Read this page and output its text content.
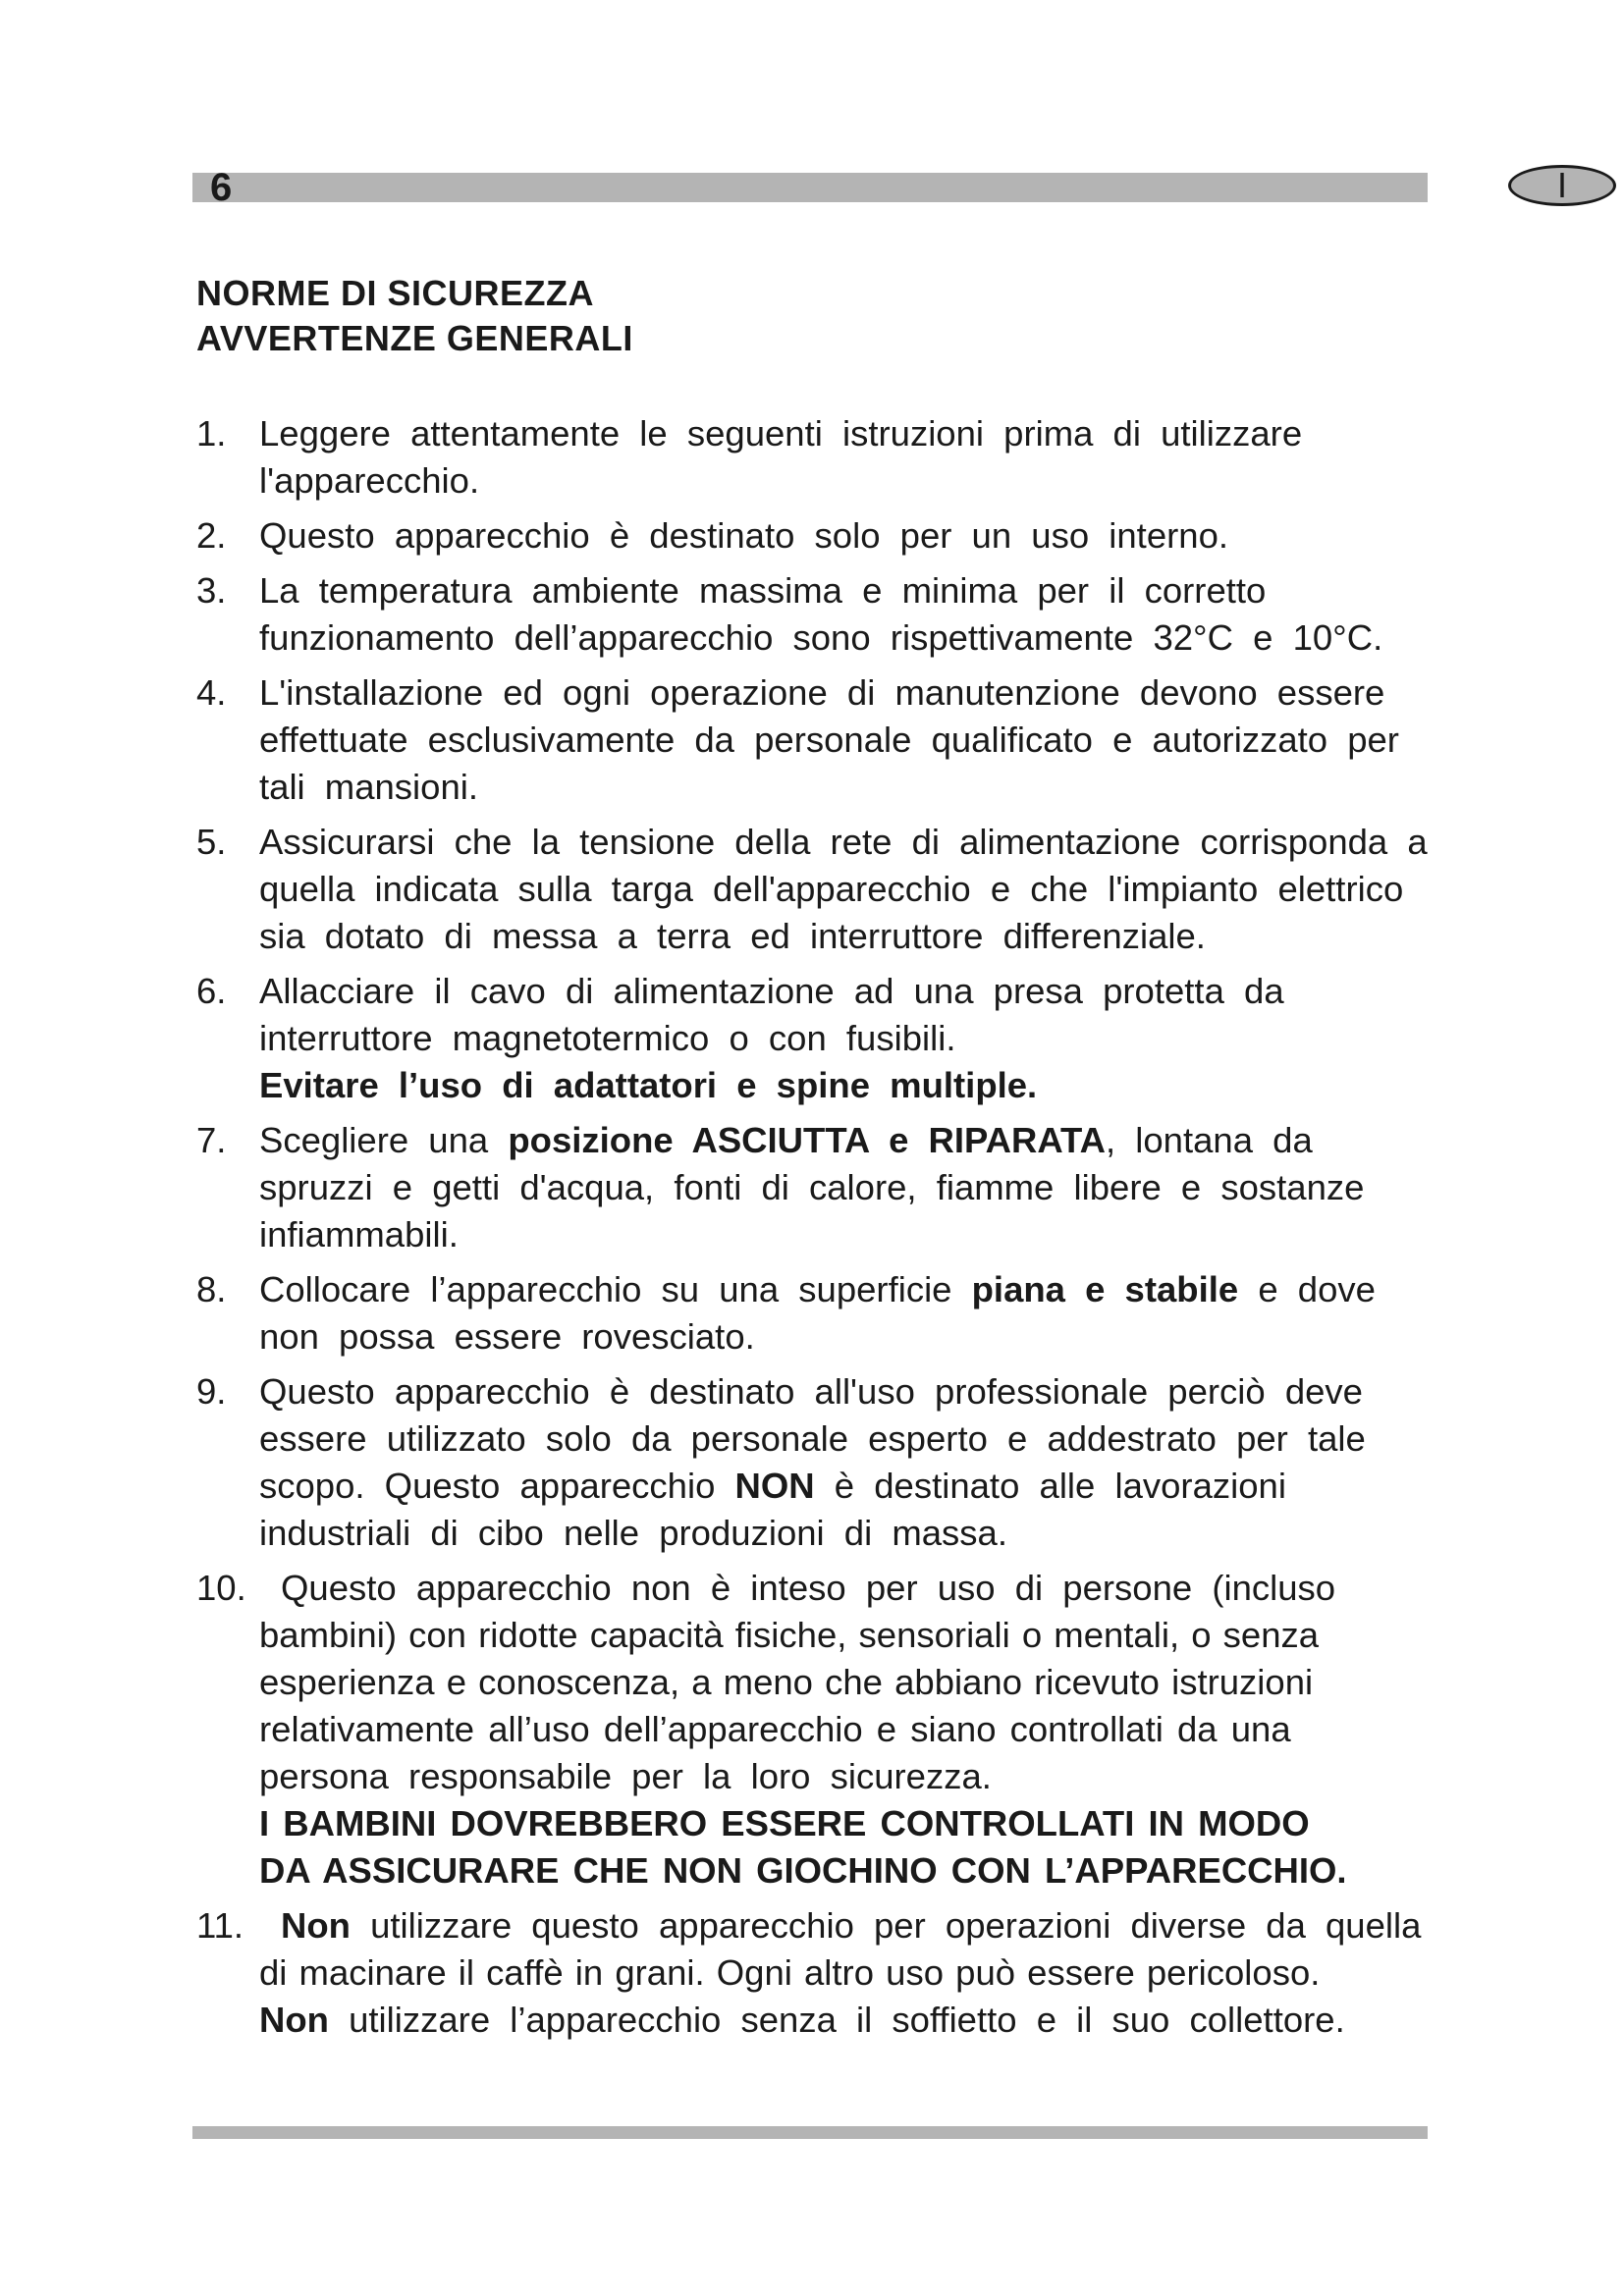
6	I
NORME DI SICUREZZA
AVVERTENZE GENERALI
1. Leggere attentamente le seguenti istruzioni prima di utilizzare
l'apparecchio.
2. Questo apparecchio è destinato solo per un uso interno.
3. La temperatura ambiente massima e minima per il corretto
funzionamento dell’apparecchio sono rispettivamente 32°C e 10°C.
4. L'installazione ed ogni operazione di manutenzione devono essere
effettuate esclusivamente da personale qualificato e autorizzato per
tali mansioni.
5. Assicurarsi che la tensione della rete di alimentazione corrisponda a
quella indicata sulla targa dell'apparecchio e che l'impianto elettrico
sia dotato di messa a terra ed interruttore differenziale.
6. Allacciare il cavo di alimentazione ad una presa protetta da
interruttore magnetotermico o con fusibili.
Evitare l’uso di adattatori e spine multiple.
7. Scegliere una posizione ASCIUTTA e RIPARATA, lontana da
spruzzi e getti d'acqua, fonti di calore, fiamme libere e sostanze
infiammabili.
8. Collocare l’apparecchio su una superficie piana e stabile e dove
non possa essere rovesciato.
9. Questo apparecchio è destinato all'uso professionale perciò deve
essere utilizzato solo da personale esperto e addestrato per tale
scopo. Questo apparecchio NON è destinato alle lavorazioni
industriali di cibo nelle produzioni di massa.
10. Questo apparecchio non è inteso per uso di persone (incluso
bambini) con ridotte capacità fisiche, sensoriali o mentali, o senza
esperienza e conoscenza, a meno che abbiano ricevuto istruzioni
relativamente all’uso dell’apparecchio e siano controllati da una
persona responsabile per la loro sicurezza.
I BAMBINI DOVREBBERO ESSERE CONTROLLATI IN MODO
DA ASSICURARE CHE NON GIOCHINO CON L’APPARECCHIO.
11. Non utilizzare questo apparecchio per operazioni diverse da quella
di macinare il caffè in grani. Ogni altro uso può essere pericoloso.
Non utilizzare l’apparecchio senza il soffietto e il suo collettore.
